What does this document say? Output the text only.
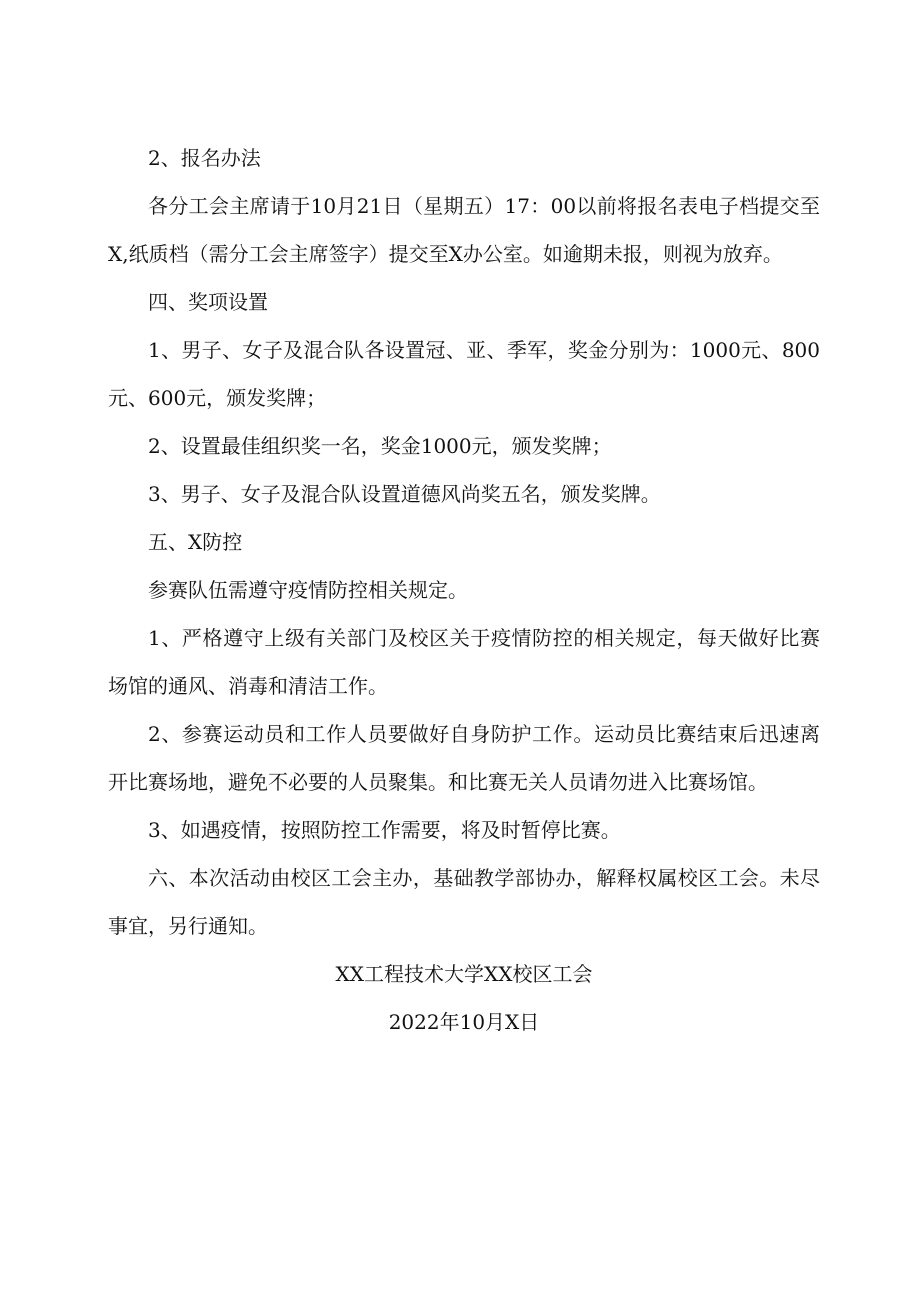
2、报名办法

各分工会主席请于10月21日（星期五）17：00以前将报名表电子档提交至X,纸质档（需分工会主席签字）提交至X办公室。如逾期未报，则视为放弃。

四、奖项设置

1、男子、女子及混合队各设置冠、亚、季军，奖金分别为：1000元、800元、600元，颁发奖牌；

2、设置最佳组织奖一名，奖金1000元，颁发奖牌；

3、男子、女子及混合队设置道德风尚奖五名，颁发奖牌。

五、X防控

参赛队伍需遵守疫情防控相关规定。

1、严格遵守上级有关部门及校区关于疫情防控的相关规定，每天做好比赛场馆的通风、消毒和清洁工作。

2、参赛运动员和工作人员要做好自身防护工作。运动员比赛结束后迅速离开比赛场地，避免不必要的人员聚集。和比赛无关人员请勿进入比赛场馆。

3、如遇疫情，按照防控工作需要，将及时暂停比赛。

六、本次活动由校区工会主办，基础教学部协办，解释权属校区工会。未尽事宜，另行通知。

XX工程技术大学XX校区工会

2022年10月X日
